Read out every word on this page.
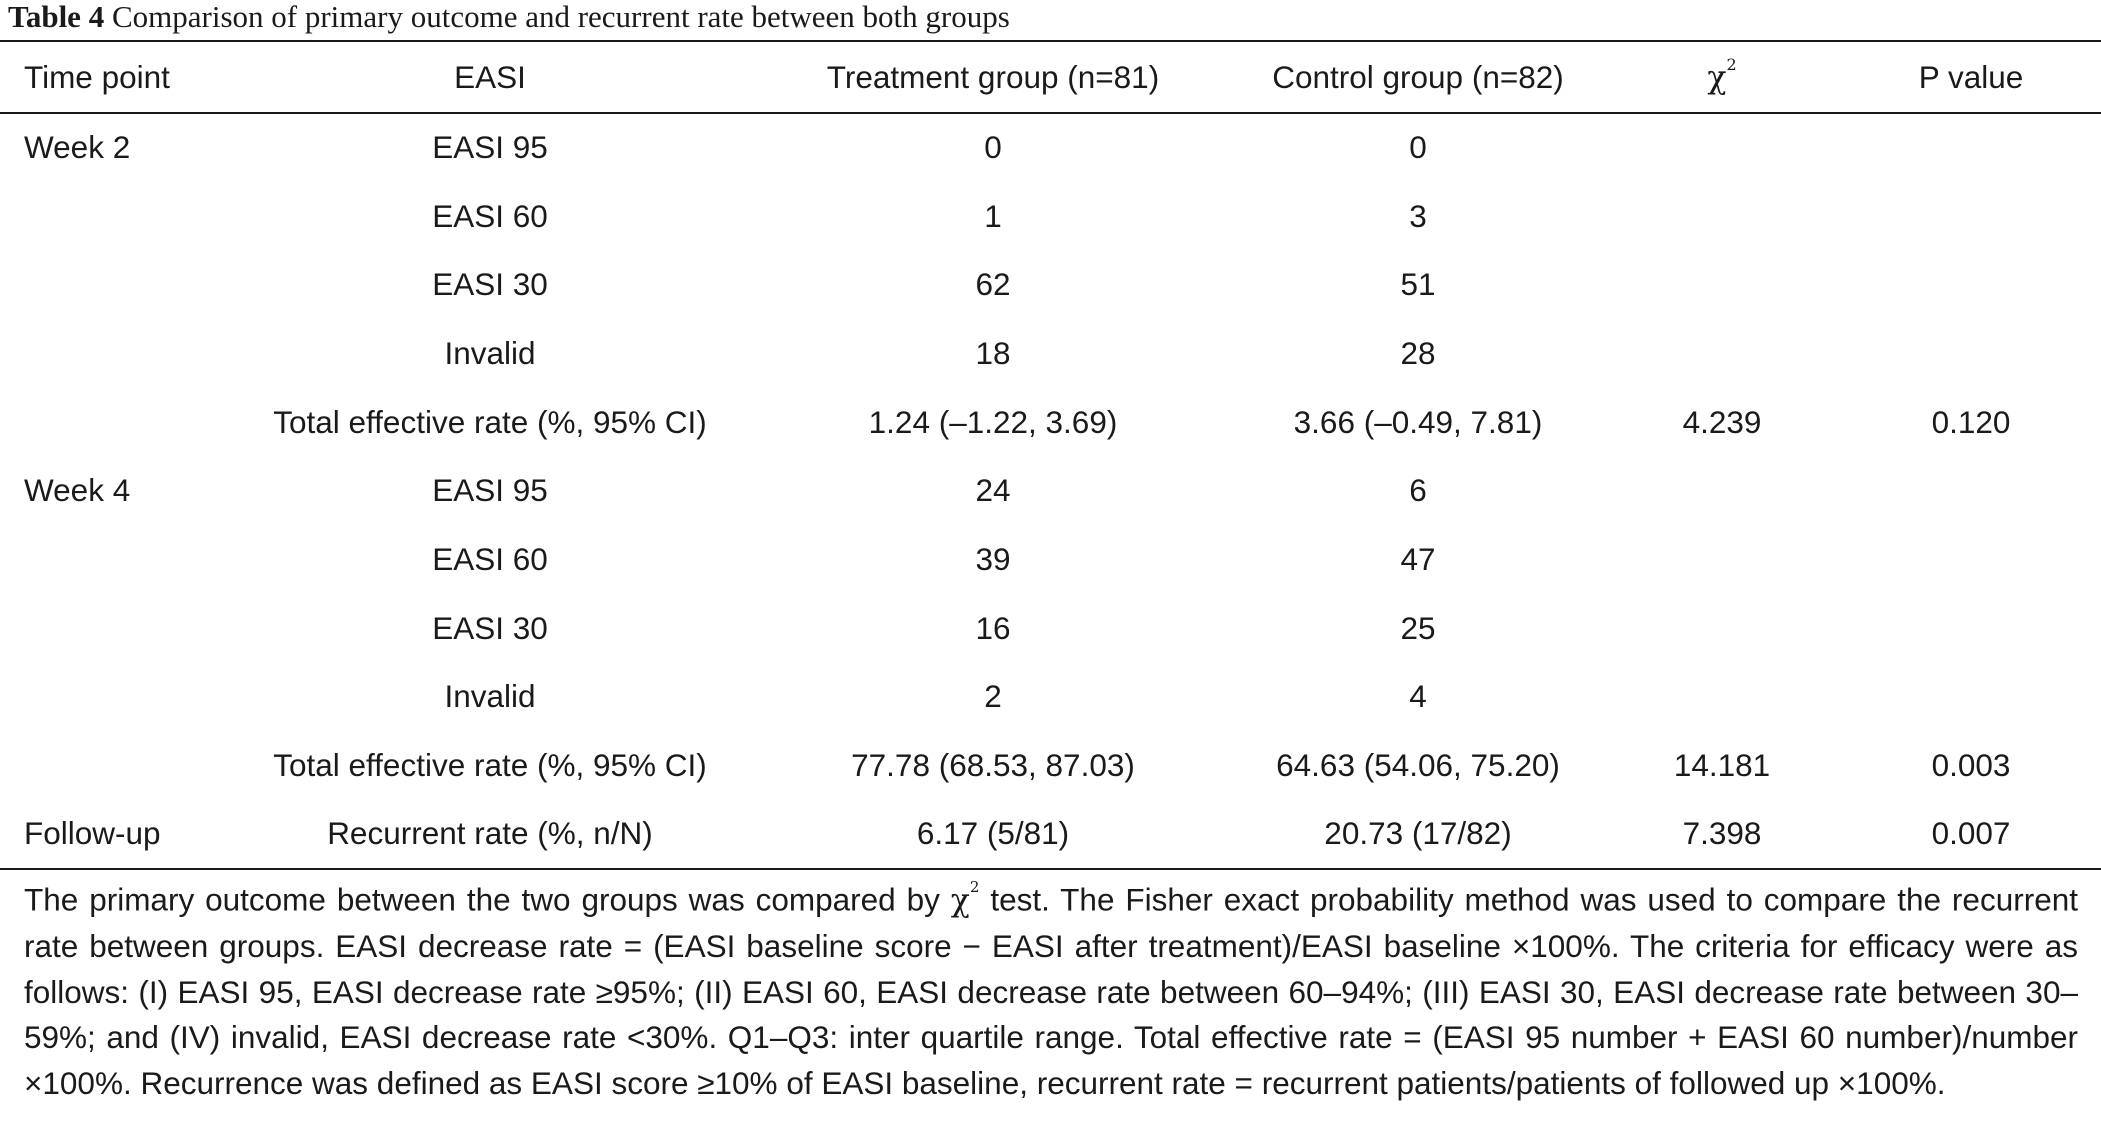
Table 4 Comparison of primary outcome and recurrent rate between both groups
Time point	EASI	Treatment group (n=81)	Control group (n=82)	$\chi^2$	P value
Week 2	EASI 95	0	0		
	EASI 60	1	3		
	EASI 30	62	51		
	Invalid	18	28		
	Total effective rate (%, 95% CI)	1.24 (–1.22, 3.69)	3.66 (–0.49, 7.81)	4.239	0.120
Week 4	EASI 95	24	6		
	EASI 60	39	47		
	EASI 30	16	25		
	Invalid	2	4		
	Total effective rate (%, 95% CI)	77.78 (68.53, 87.03)	64.63 (54.06, 75.20)	14.181	0.003
Follow-up	Recurrent rate (%, n/N)	6.17 (5/81)	20.73 (17/82)	7.398	0.007
The primary outcome between the two groups was compared by $\chi^2$ test. The Fisher exact probability method was used to compare the recurrent rate between groups. EASI decrease rate = (EASI baseline score − EASI after treatment)/EASI baseline ×100%. The criteria for efficacy were as follows: (I) EASI 95, EASI decrease rate ≥95%; (II) EASI 60, EASI decrease rate between 60–94%; (III) EASI 30, EASI decrease rate between 30–59%; and (IV) invalid, EASI decrease rate <30%. Q1–Q3: inter quartile range. Total effective rate = (EASI 95 number + EASI 60 number)/number ×100%. Recurrence was defined as EASI score ≥10% of EASI baseline, recurrent rate = recurrent patients/patients of followed up ×100%.
